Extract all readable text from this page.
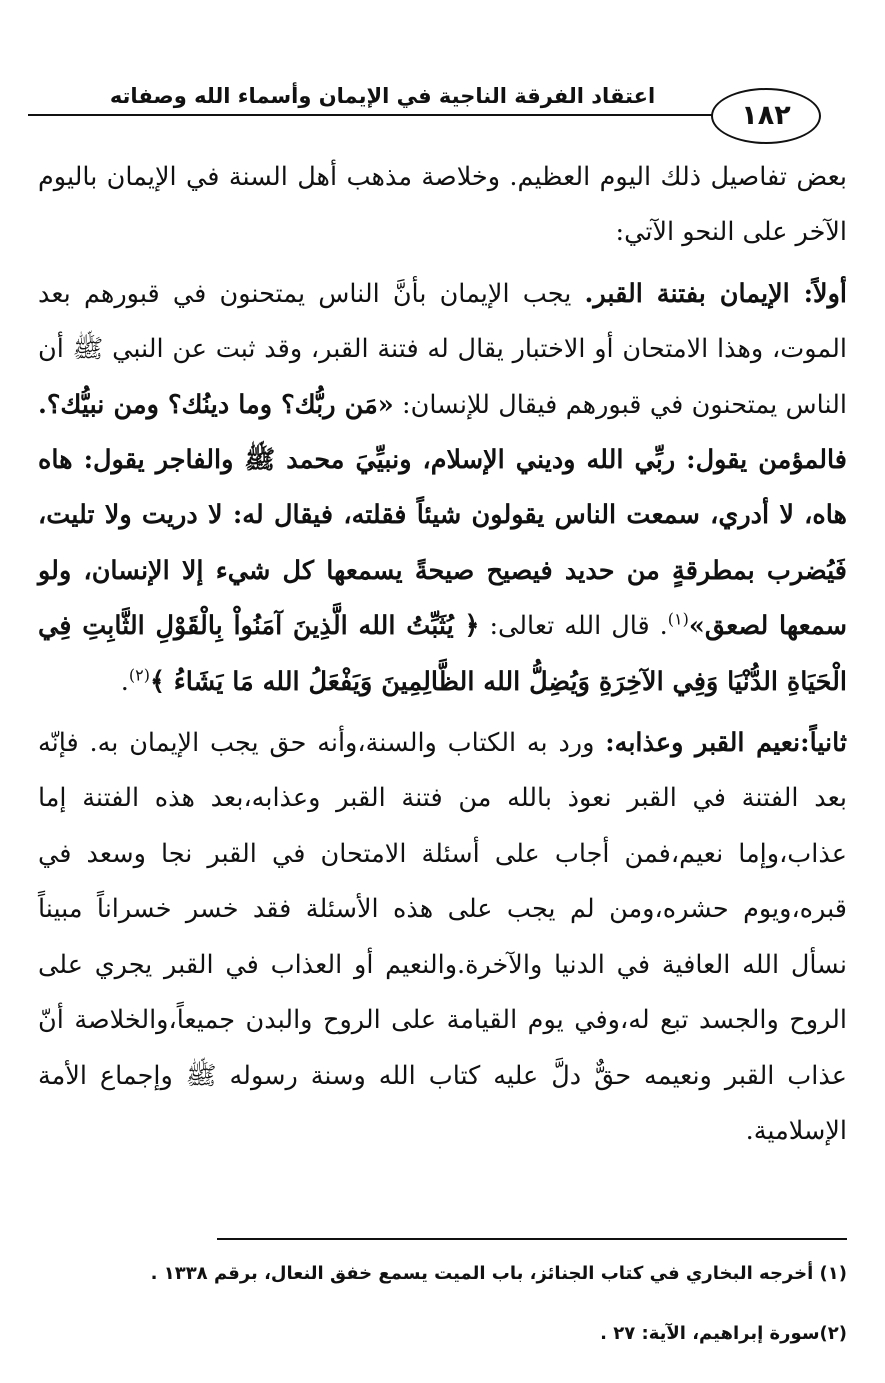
اعتقاد الفرقة الناجية في الإيمان وأسماء الله وصفاته
١٨٢

بعض تفاصيل ذلك اليوم العظيم. وخلاصة مذهب أهل السنة في الإيمان باليوم الآخر على النحو الآتي:

أولاً: الإيمان بفتنة القبر. يجب الإيمان بأنَّ الناس يمتحنون في قبورهم بعد الموت، وهذا الامتحان أو الاختبار يقال له فتنة القبر، وقد ثبت عن النبي ﷺ أن الناس يمتحنون في قبورهم فيقال للإنسان: «مَن ربُّك؟ وما دينُك؟ ومن نبيُّك؟. فالمؤمن يقول: ربِّي الله وديني الإسلام، ونبيِّيَ محمد ﷺ والفاجر يقول: هاه هاه، لا أدري، سمعت الناس يقولون شيئاً فقلته، فيقال له: لا دريت ولا تليت، فَيُضرب بمطرقةٍ من حديد فيصيح صيحةً يسمعها كل شيء إلا الإنسان، ولو سمعها لصعق»$^{(١)}$. قال الله تعالى: ﴿ يُثَبِّتُ الله الَّذِينَ آمَنُواْ بِالْقَوْلِ الثَّابِتِ فِي الْحَيَاةِ الدُّنْيَا وَفِي الآخِرَةِ وَيُضِلُّ الله الظَّالِمِينَ وَيَفْعَلُ الله مَا يَشَاءُ ﴾$^{(٢)}$.

ثانياً:نعيم القبر وعذابه: ورد به الكتاب والسنة،وأنه حق يجب الإيمان به. فإنّه بعد الفتنة في القبر نعوذ بالله من فتنة القبر وعذابه،بعد هذه الفتنة إما عذاب،وإما نعيم،فمن أجاب على أسئلة الامتحان في القبر نجا وسعد في قبره،ويوم حشره،ومن لم يجب على هذه الأسئلة فقد خسر خسراناً مبيناً نسأل الله العافية في الدنيا والآخرة.والنعيم أو العذاب في القبر يجري على الروح والجسد تبع له،وفي يوم القيامة على الروح والبدن جميعاً،والخلاصة أنّ عذاب القبر ونعيمه حقٌّ دلَّ عليه كتاب الله وسنة رسوله ﷺ وإجماع الأمة الإسلامية.

(١) أخرجه البخاري في كتاب الجنائز، باب الميت يسمع خفق النعال، برقم ١٣٣٨ .
(٢)سورة إبراهيم، الآية: ٢٧ .
